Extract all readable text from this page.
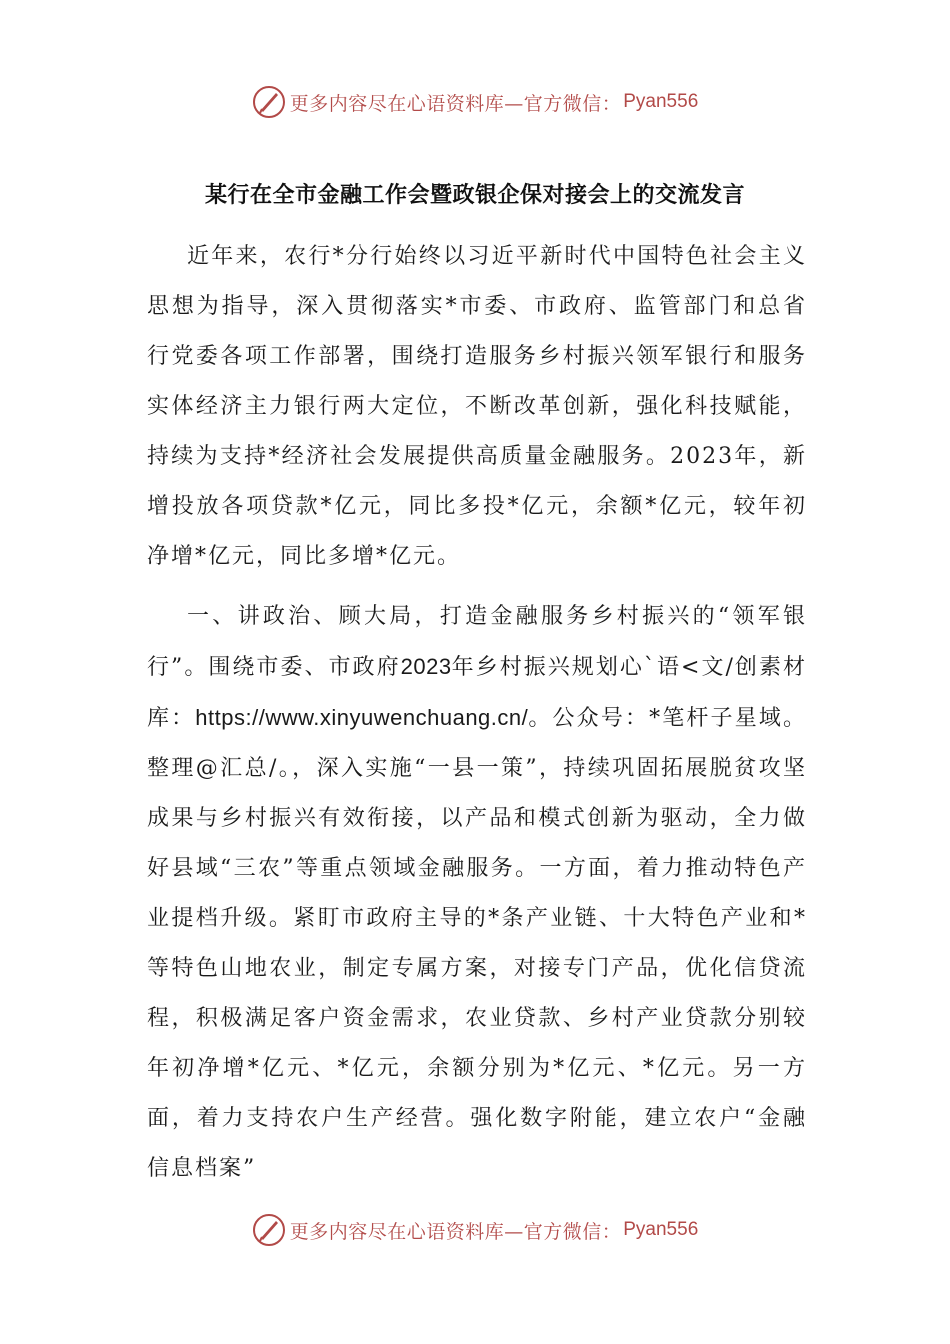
更多内容尽在心语资料库—官方微信： Pyan556
某行在全市金融工作会暨政银企保对接会上的交流发言

近年来，农行*分行始终以习近平新时代中国特色社会主义思想为指导，深入贯彻落实*市委、市政府、监管部门和总省行党委各项工作部署，围绕打造服务乡村振兴领军银行和服务实体经济主力银行两大定位，不断改革创新，强化科技赋能，持续为支持*经济社会发展提供高质量金融服务。2023年，新增投放各项贷款*亿元，同比多投*亿元，余额*亿元，较年初净增*亿元，同比多增*亿元。

一、讲政治、顾大局，打造金融服务乡村振兴的“领军银行”。围绕市委、市政府2023年乡村振兴规划心`语<文/创素材库：https://www.xinyuwenchuang.cn/。公众号：*笔杆子星域。整理@汇总/。，深入实施“一县一策”，持续巩固拓展脱贫攻坚成果与乡村振兴有效衔接，以产品和模式创新为驱动，全力做好县域“三农”等重点领域金融服务。一方面，着力推动特色产业提档升级。紧盯市政府主导的*条产业链、十大特色产业和*等特色山地农业，制定专属方案，对接专门产品，优化信贷流程，积极满足客户资金需求，农业贷款、乡村产业贷款分别较年初净增*亿元、*亿元，余额分别为*亿元、*亿元。另一方面，着力支持农户生产经营。强化数字附能，建立农户“金融信息档案”

更多内容尽在心语资料库—官方微信： Pyan556
